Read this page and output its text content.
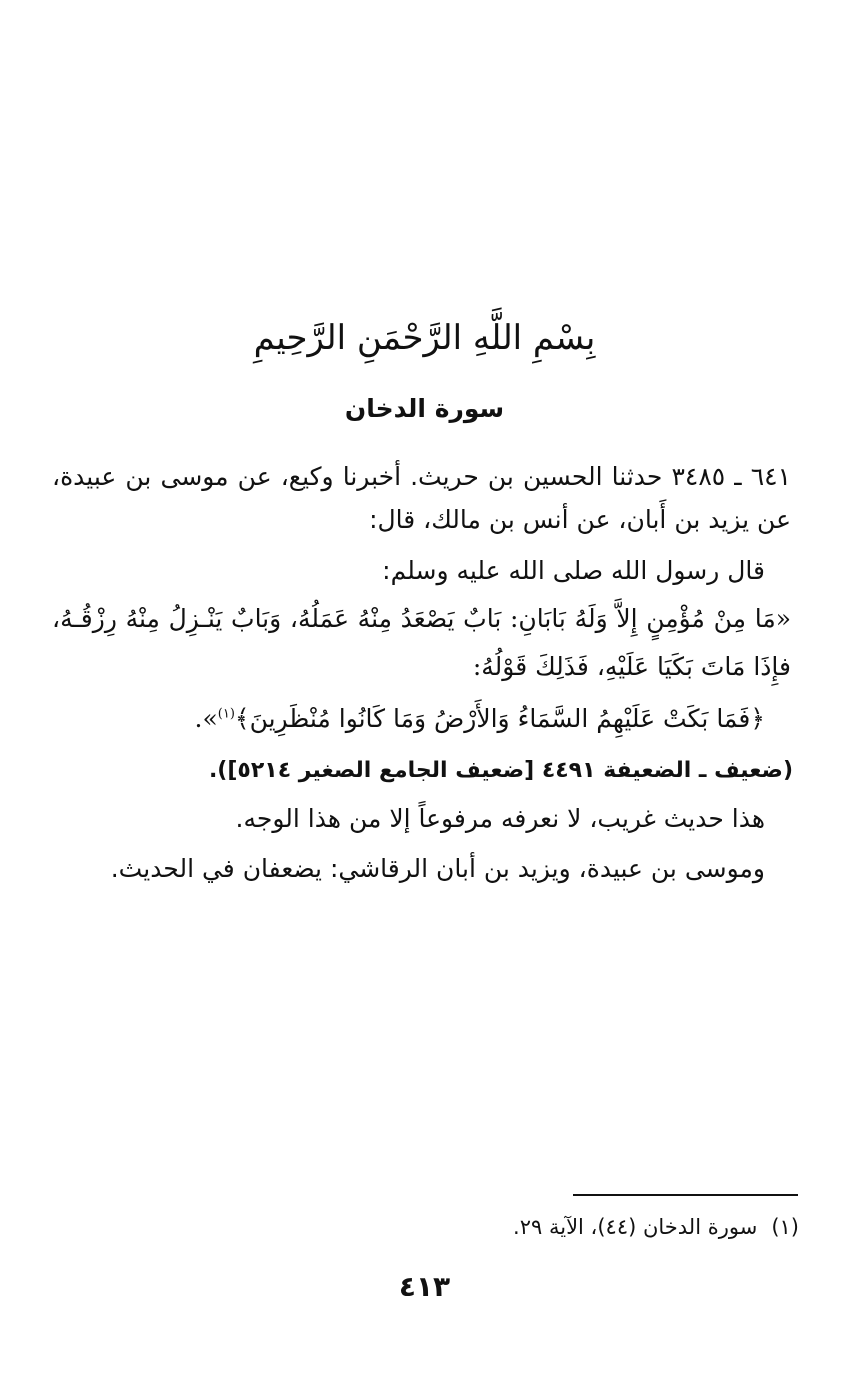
بِسْمِ اللَّهِ الرَّحْمَنِ الرَّحِيمِ
سورة الدخان
٦٤١ ـ ٣٤٨٥ حدثنا الحسين بن حريث. أخبرنا وكيع، عن موسى بن عبيدة،
عن يزيد بن أَبان، عن أنس بن مالك، قال:
قال رسول الله صلى الله عليه وسلم:
«مَا مِنْ مُؤْمِنٍ إِلاَّ وَلَهُ بَابَانِ: بَابٌ يَصْعَدُ مِنْهُ عَمَلُهُ، وَبَابٌ يَنْـزِلُ مِنْهُ رِزْقُـهُ،
فإِذَا مَاتَ بَكَيَا عَلَيْهِ، فَذَلِكَ قَوْلُهُ:
﴿فَمَا بَكَتْ عَلَيْهِمُ السَّمَاءُ وَالأَرْضُ وَمَا كَانُوا مُنْظَرِينَ﴾$^{(١)}$».
(ضعيف ـ الضعيفة ٤٤٩١ [ضعيف الجامع الصغير ٥٢١٤]).
هذا حديث غريب، لا نعرفه مرفوعاً إلا من هذا الوجه.
وموسى بن عبيدة، ويزيد بن أبان الرقاشي: يضعفان في الحديث.
(١)سورة الدخان (٤٤)، الآية ٢٩.
٤١٣
